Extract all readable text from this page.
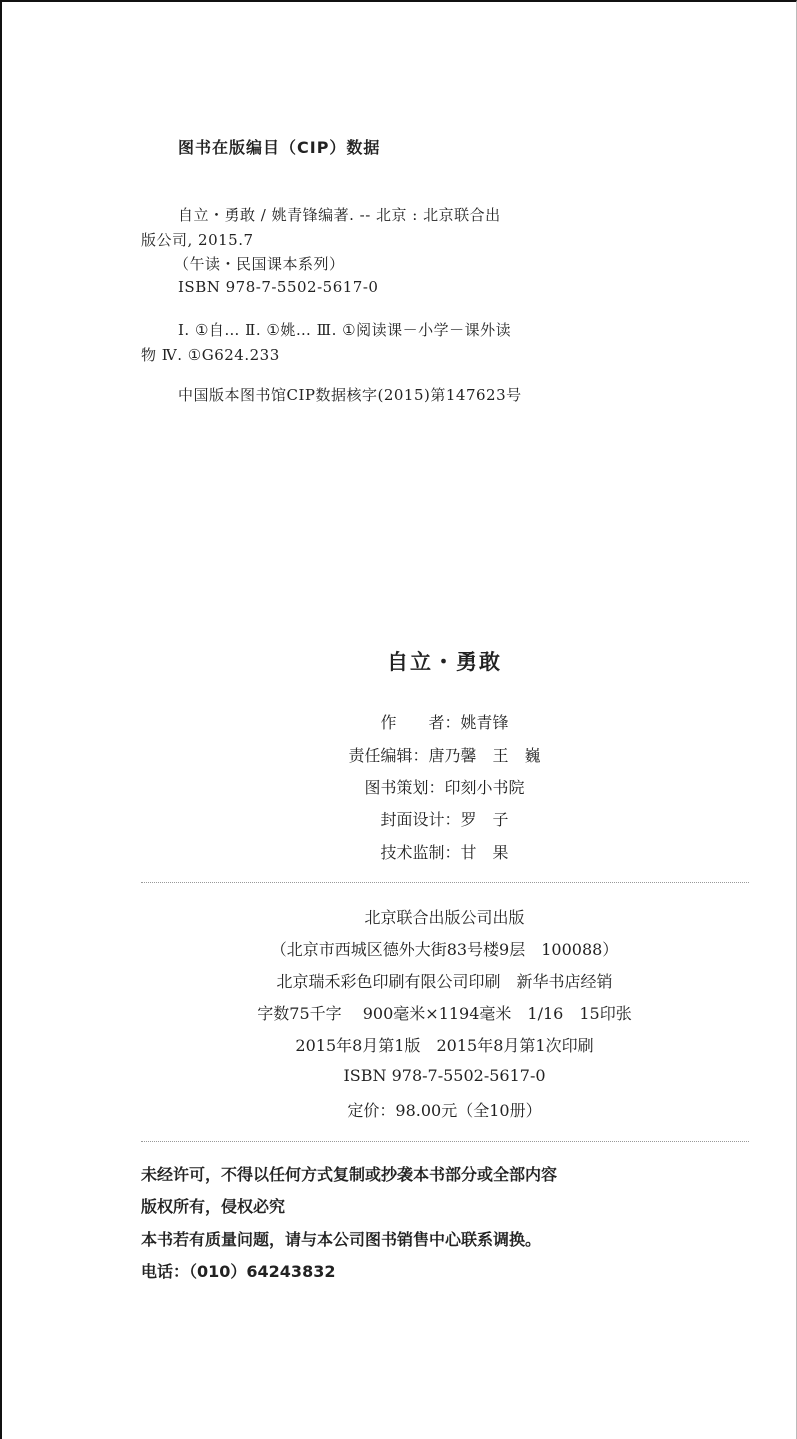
图书在版编目（CIP）数据
自立・勇敢 / 姚青锋编著. -- 北京 : 北京联合出
版公司, 2015.7
（午读・民国课本系列）
ISBN 978-7-5502-5617-0
Ⅰ. ①自… Ⅱ. ①姚… Ⅲ. ①阅读课－小学－课外读
物 Ⅳ. ①G624.233
中国版本图书馆CIP数据核字(2015)第147623号
自立・勇敢
作　　者：姚青锋
责任编辑：唐乃馨　王　巍
图书策划：印刻小书院
封面设计：罗　子
技术监制：甘　果
北京联合出版公司出版
（北京市西城区德外大街83号楼9层　100088）
北京瑞禾彩色印刷有限公司印刷　新华书店经销
字数75千字　 900毫米×1194毫米　1/16　15印张
2015年8月第1版　2015年8月第1次印刷
ISBN 978-7-5502-5617-0
定价：98.00元（全10册）
未经许可，不得以任何方式复制或抄袭本书部分或全部内容
版权所有，侵权必究
本书若有质量问题，请与本公司图书销售中心联系调换。
电话：（010）64243832
